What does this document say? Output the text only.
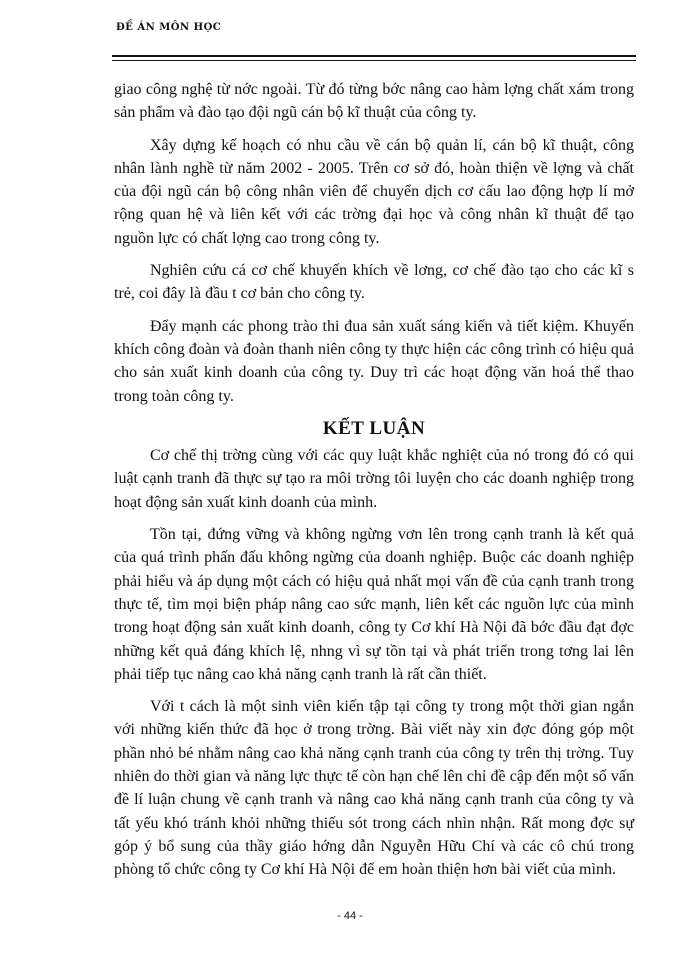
ĐỀ ÁN MÔN HỌC

giao công nghệ từ nớc ngoài. Từ đó từng bớc nâng cao hàm lợng chất xám trong sản phẩm và đào tạo đội ngũ cán bộ kĩ thuật của công ty.

Xây dựng kế hoạch có nhu cầu về cán bộ quản lí, cán bộ kĩ thuật, công nhân lành nghề từ năm 2002 - 2005. Trên cơ sở đó, hoàn thiện về lợng và chất của đội ngũ cán bộ công nhân viên để chuyển dịch cơ cấu lao động hợp lí mở rộng quan hệ và liên kết với các trờng đại học và công nhân kĩ thuật để tạo nguồn lực có chất lợng cao trong công ty.

Nghiên cứu cá cơ chế khuyến khích về lơng, cơ chế đào tạo cho các kĩ s trẻ, coi đây là đầu t cơ bản cho công ty.

Đẩy mạnh các phong trào thi đua sản xuất sáng kiến và tiết kiệm. Khuyến khích công đoàn và đoàn thanh niên công ty thực hiện các công trình có hiệu quả cho sản xuất kinh doanh của công ty. Duy trì các hoạt động văn hoá thể thao trong toàn công ty.

KẾT LUẬN

Cơ chế thị trờng cùng với các quy luật khắc nghiệt của nó trong đó có qui luật cạnh tranh đã thực sự tạo ra môi trờng tôi luyện cho các doanh nghiệp trong hoạt động sản xuất kinh doanh của mình.

Tồn tại, đứng vững và không ngừng vơn lên trong cạnh tranh là kết quả của quá trình phấn đấu không ngừng của doanh nghiệp. Buộc các doanh nghiệp phải hiểu và áp dụng một cách có hiệu quả nhất mọi vấn đề của cạnh tranh trong thực tế, tìm mọi biện pháp nâng cao sức mạnh, liên kết các nguồn lực của mình trong hoạt động sản xuất kinh doanh, công ty Cơ khí Hà Nội đã bớc đầu đạt đợc những kết quả đáng khích lệ, nhng vì sự tồn tại và phát triển trong tơng lai lên phải tiếp tục nâng cao khả năng cạnh tranh là rất cần thiết.

Với t cách là một sinh viên kiến tập tại công ty trong một thời gian ngắn với những kiến thức đã học ở trong trờng. Bài viết này xin đợc đóng góp một phần nhỏ bé nhằm nâng cao khả năng cạnh tranh của công ty trên thị trờng. Tuy nhiên do thời gian và năng lực thực tế còn hạn chế lên chỉ đề cập đến một số vấn đề lí luận chung về cạnh tranh và nâng cao khả năng cạnh tranh của công ty và tất yếu khó tránh khỏi những thiếu sót trong cách nhìn nhận. Rất mong đợc sự góp ý bổ sung của thầy giáo hớng dẫn Nguyễn Hữu Chí và các cô chú trong phòng tổ chức công ty Cơ khí Hà Nội để em hoàn thiện hơn bài viết của mình.

- 44 -
